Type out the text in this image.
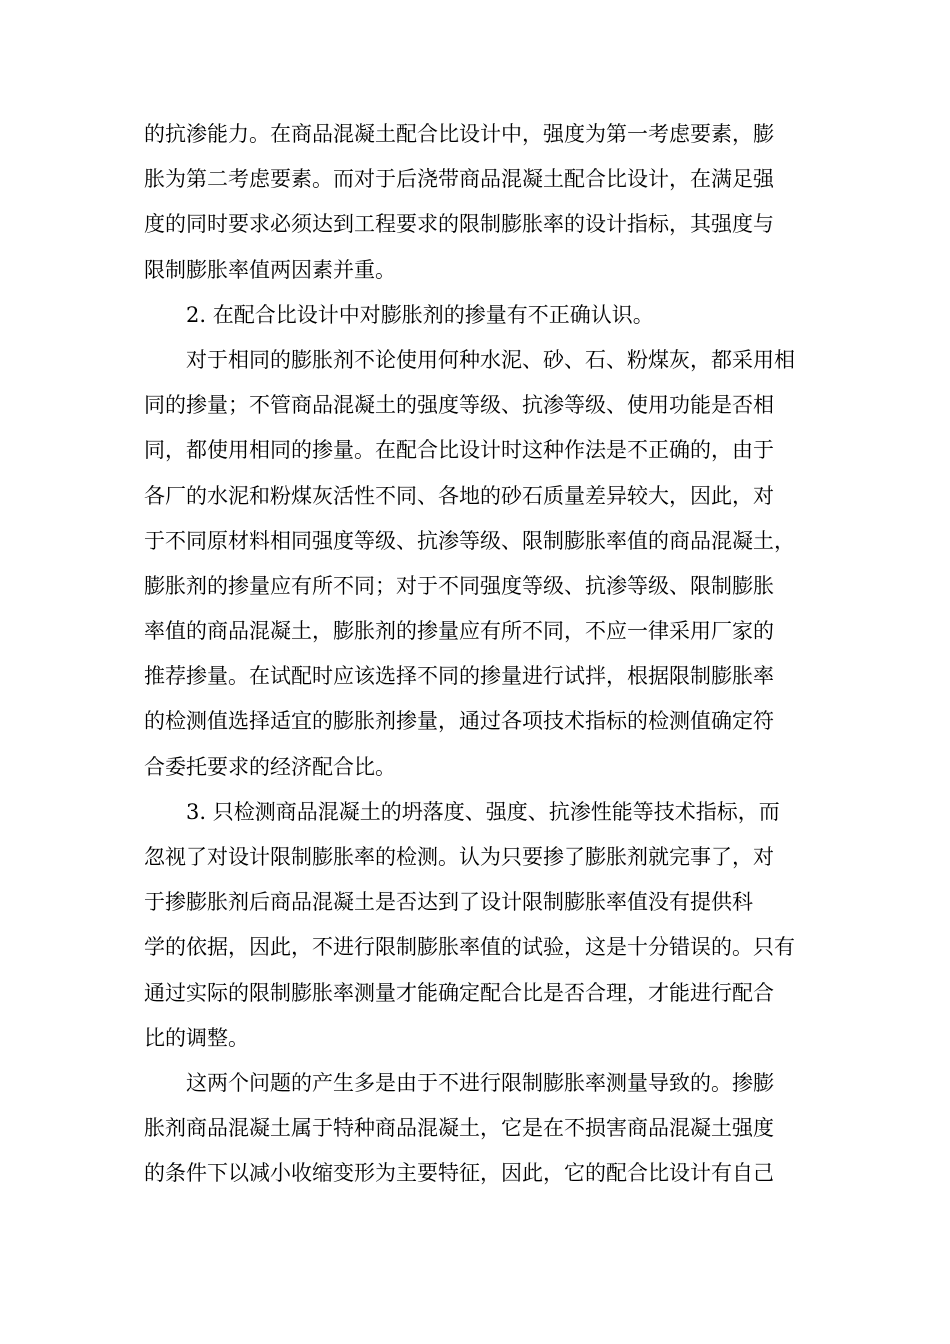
的抗渗能力。在商品混凝土配合比设计中，强度为第一考虑要素，膨
胀为第二考虑要素。而对于后浇带商品混凝土配合比设计，在满足强
度的同时要求必须达到工程要求的限制膨胀率的设计指标，其强度与
限制膨胀率值两因素并重。
2. 在配合比设计中对膨胀剂的掺量有不正确认识。
对于相同的膨胀剂不论使用何种水泥、砂、石、粉煤灰，都采用相
同的掺量；不管商品混凝土的强度等级、抗渗等级、使用功能是否相
同，都使用相同的掺量。在配合比设计时这种作法是不正确的，由于
各厂的水泥和粉煤灰活性不同、各地的砂石质量差异较大，因此，对
于不同原材料相同强度等级、抗渗等级、限制膨胀率值的商品混凝土，
膨胀剂的掺量应有所不同；对于不同强度等级、抗渗等级、限制膨胀
率值的商品混凝土，膨胀剂的掺量应有所不同，不应一律采用厂家的
推荐掺量。在试配时应该选择不同的掺量进行试拌，根据限制膨胀率
的检测值选择适宜的膨胀剂掺量，通过各项技术指标的检测值确定符
合委托要求的经济配合比。
3. 只检测商品混凝土的坍落度、强度、抗渗性能等技术指标，而
忽视了对设计限制膨胀率的检测。认为只要掺了膨胀剂就完事了，对
于掺膨胀剂后商品混凝土是否达到了设计限制膨胀率值没有提供科
学的依据，因此，不进行限制膨胀率值的试验，这是十分错误的。只有
通过实际的限制膨胀率测量才能确定配合比是否合理，才能进行配合
比的调整。
这两个问题的产生多是由于不进行限制膨胀率测量导致的。掺膨
胀剂商品混凝土属于特种商品混凝土，它是在不损害商品混凝土强度
的条件下以减小收缩变形为主要特征，因此，它的配合比设计有自己
